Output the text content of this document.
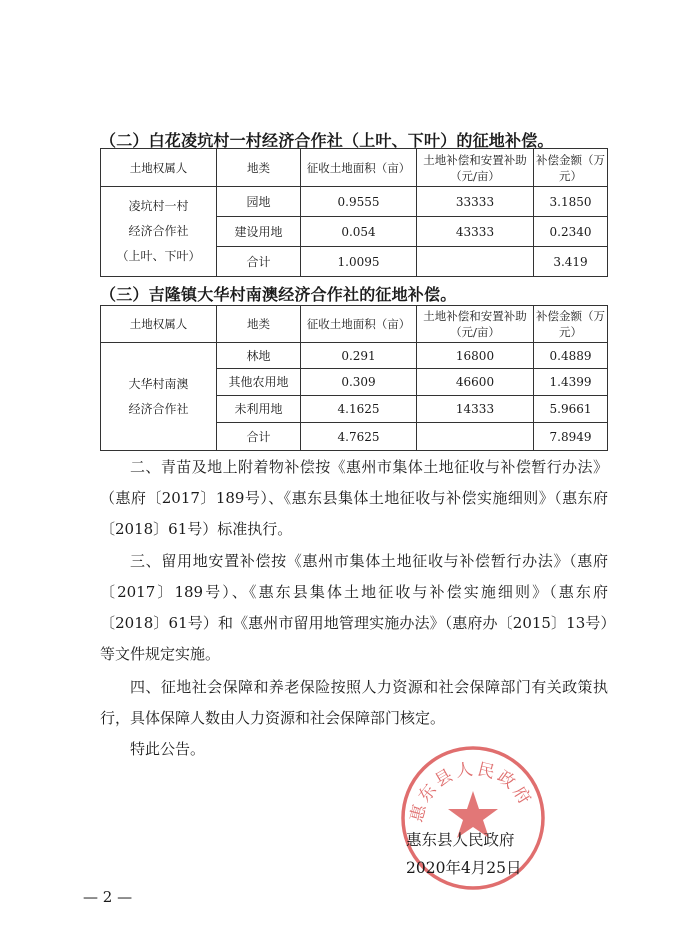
（二）白花凌坑村一村经济合作社（上叶、下叶）的征地补偿。
土地权属人	地类	征收土地面积（亩）	土地补偿和安置补助（元/亩）	补偿金额（万元）

凌坑村一村
经济合作社
（上叶、下叶）	园地	0.9555	33333	3.1850
	建设用地	0.054	43333	0.2340
	合计	1.0095		3.419
（三）吉隆镇大华村南澳经济合作社的征地补偿。
土地权属人	地类	征收土地面积（亩）	土地补偿和安置补助（元/亩）	补偿金额（万元）

大华村南澳
经济合作社	林地	0.291	16800	0.4889
	其他农用地	0.309	46600	1.4399
	未利用地	4.1625	14333	5.9661
	合计	4.7625		7.8949

二、青苗及地上附着物补偿按《惠州市集体土地征收与补偿暂行办法》（惠府〔2017〕189号）、《惠东县集体土地征收与补偿实施细则》（惠东府〔2018〕61号）标准执行。

三、留用地安置补偿按《惠州市集体土地征收与补偿暂行办法》（惠府〔2017〕189号）、《惠东县集体土地征收与补偿实施细则》（惠东府〔2018〕61号）和《惠州市留用地管理实施办法》（惠府办〔2015〕13号）等文件规定实施。

四、征地社会保障和养老保险按照人力资源和社会保障部门有关政策执行，具体保障人数由人力资源和社会保障部门核定。

特此公告。

惠东县人民政府
惠东县人民政府
2020年4月25日
— 2 —
